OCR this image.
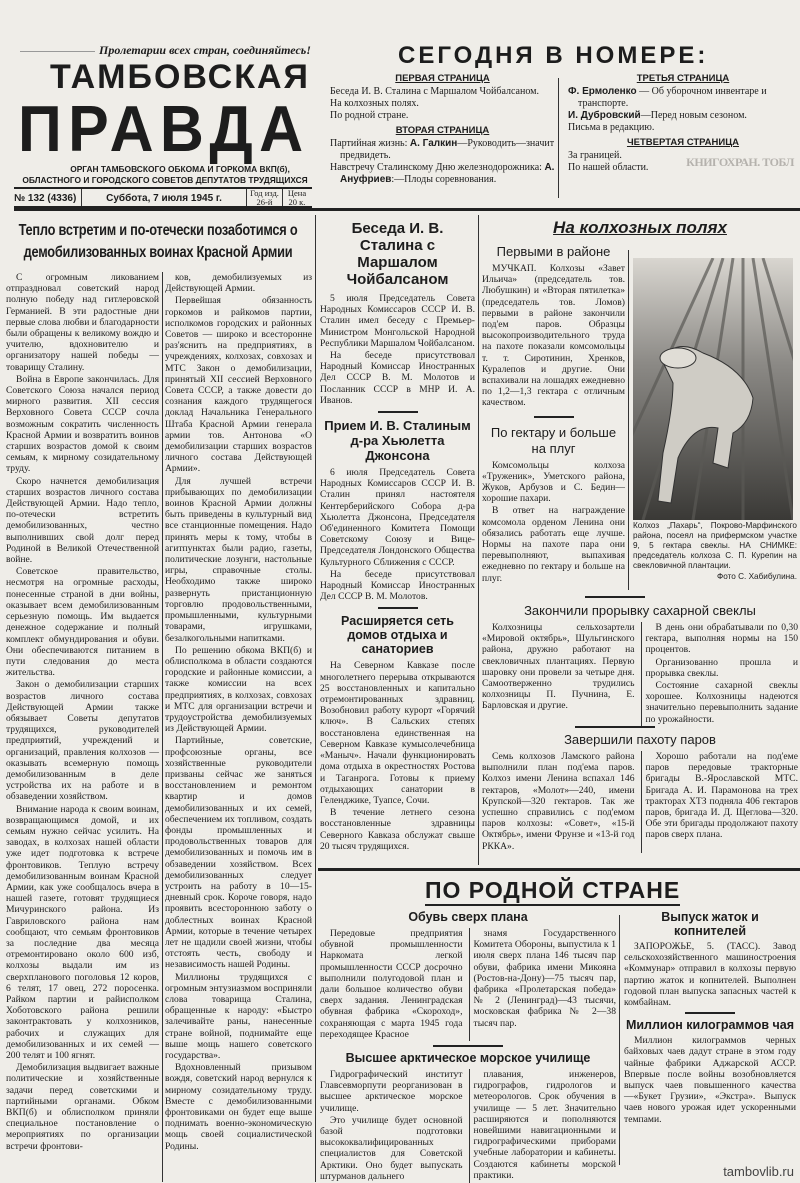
Пролетарии всех стран, соединяйтесь!
ТАМБОВСКАЯ
ПРАВДА
ОРГАН ТАМБОВСКОГО ОБКОМА И ГОРКОМА ВКП(б),
ОБЛАСТНОГО И ГОРОДСКОГО СОВЕТОВ ДЕПУТАТОВ ТРУДЯЩИХСЯ
№ 132 (4336)	Суббота, 7 июля 1945 г.	Год изд.
26-й
Цена
20 к.
СЕГОДНЯ В НОМЕРЕ:
ПЕРВАЯ СТРАНИЦА
Беседа И. В. Сталина с Маршалом Чойбалсаном.
На колхозных полях.
По родной стране.
ВТОРАЯ СТРАНИЦА
Партийная жизнь: А. Галкин—Руководить—значит предвидеть.
Навстречу Сталинскому Дню железнодорожника: А. Ануфриев:—Плоды соревнования.
ТРЕТЬЯ СТРАНИЦА
Ф. Ермоленко — Об уборочном инвентаре и транспорте.
И. Дубровский—Перед новым сезоном.
Письма в редакцию.
ЧЕТВЕРТАЯ СТРАНИЦА
За границей.
По нашей области.	КНИГОХРАН. ТОБЛ
Тепло встретим и по-отечески позаботимся о демобилизованных воинах Красной Армии

С огромным ликованием отпраздновал советский народ полную победу над гитлеровской Германией. В эти радостные дни первые слова любви и благодарности были обращены к великому вождю и учителю, вдохновителю и организатору нашей победы — товарищу Сталину.

Война в Европе закончилась. Для Советского Союза начался период мирного развития. XII сессия Верховного Совета СССР сочла возможным сократить численность Красной Армии и возвратить воинов старших возрастов домой к своим семьям, к мирному созидательному труду.

Скоро начнется демобилизация старших возрастов личного состава Действующей Армии. Надо тепло, по-отечески встретить демобилизованных, честно выполнивших свой долг перед Родиной в Великой Отечественной войне.

Советское правительство, несмотря на огромные расходы, понесенные страной в дни войны, оказывает всем демобилизованным серьезную помощь. Им выдается денежное содержание и полный комплект обмундирования и обуви. Они обеспечиваются питанием в пути следования до места жительства.

Закон о демобилизации старших возрастов личного состава Действующей Армии также обязывает Советы депутатов трудящихся, руководителей предприятий, учреждений и организаций, правления колхозов — оказывать всемерную помощь демобилизованным в деле устройства их на работе и в обзаведении хозяйством.

Внимание народа к своим воинам, возвращающимся домой, и их семьям нужно сейчас усилить. На заводах, в колхозах нашей области уже идет подготовка к встрече фронтовиков. Теплую встречу демобилизованным воинам Красной Армии, как уже сообщалось вчера в нашей газете, готовят трудящиеся Мичуринского района. Из Гавриловского района нам сообщают, что семьям фронтовиков за последние два месяца отремонтировано около 600 изб, колхозы выдали им из сверхпланового поголовья 12 коров, 6 телят, 17 овец, 272 поросенка. Райком партии и райисполком Хоботовского района решили законтрактовать у колхозников, рабочих и служащих для демобилизованных и их семей — 200 телят и 100 ягнят.

Демобилизация выдвигает важные политические и хозяйственные задачи перед советскими и партийными органами. Обком ВКП(б) и облисполком приняли специальное постановление о мероприятиях по организации встречи фронтови-

ков, демобилизуемых из Действующей Армии.

Первейшая обязанность горкомов и райкомов партии, исполкомов городских и районных Советов — широко и всесторонне раз'яснить на предприятиях, в учреждениях, колхозах, совхозах и МТС Закон о демобилизации, принятый XII сессией Верховного Совета СССР, а также довести до сознания каждого трудящегося доклад Начальника Генерального Штаба Красной Армии генерала армии тов. Антонова «О демобилизации старших возрастов личного состава Действующей Армии».

Для лучшей встречи прибывающих по демобилизации воинов Красной Армии должны быть приведены в культурный вид все станционные помещения. Надо принять меры к тому, чтобы в агитпунктах были радио, газеты, политические лозунги, настольные игры, справочные столы. Необходимо также широко развернуть пристанционную торговлю продовольственными, промышленными, культурными товарами, игрушками, безалкогольными напитками.

По решению обкома ВКП(б) и облисполкома в области создаются городские и районные комиссии, а также комиссии на всех предприятиях, в колхозах, совхозах и МТС для организации встречи и трудоустройства демобилизуемых из Действующей Армии.

Партийные, советские, профсоюзные органы, все хозяйственные руководители призваны сейчас же заняться восстановлением и ремонтом квартир и домов демобилизованных и их семей, обеспечением их топливом, создать фонды промышленных и продовольственных товаров для демобилизованных и помочь им в обзаведении хозяйством. Всех демобилизованных следует устроить на работу в 10—15-дневный срок. Короче говоря, надо проявить всестороннюю заботу о доблестных воинах Красной Армии, которые в течение четырех лет не щадили своей жизни, чтобы отстоять честь, свободу и независимость нашей Родины.

Миллионы трудящихся с огромным энтузиазмом восприняли слова товарища Сталина, обращенные к народу: «Быстро залечивайте раны, нанесенные стране войной, поднимайте еще выше мощь нашего советского государства».

Вдохновленный призывом вождя, советский народ вернулся к мирному созидательному труду. Вместе с демобилизованными фронтовиками он будет еще выше поднимать военно-экономическую мощь своей социалистической Родины.

Беседа И. В. Сталина с Маршалом Чойбалсаном

5 июля Председатель Совета Народных Комиссаров СССР И. В. Сталин имел беседу с Премьер-Министром Монгольской Народной Республики Маршалом Чойбалсаном.

На беседе присутствовал Народный Комиссар Иностранных Дел СССР В. М. Молотов и Посланник СССР в МНР И. А. Иванов.

Прием И. В. Сталиным д-ра Хьюлетта Джонсона

6 июля Председатель Совета Народных Комиссаров СССР И. В. Сталин принял настоятеля Кентерберийского Собора д-ра Хьюлетта Джонсона, Председателя Об'единенного Комитета Помощи Советскому Союзу и Вице-Председателя Лондонского Общества Культурного Сближения с СССР.

На беседе присутствовал Народный Комиссар Иностранных Дел СССР В. М. Молотов.

Расширяется сеть домов отдыха и санаториев

На Северном Кавказе после многолетнего перерыва открываются 25 восстановленных и капитально отремонтированных здравниц. Возобновил работу курорт «Горячий ключ». В Сальских степях восстановлена единственная на Северном Кавказе кумысолечебница «Маныч». Начали функционировать дома отдыха в окрестностях Ростова и Таганрога. Готовы к приему отдыхающих санатории в Геленджике, Туапсе, Сочи.

В течение летнего сезона восстановленные здравницы Северного Кавказа обслужат свыше 20 тысяч трудящихся.

На колхозных полях
Первыми в районе

МУЧКАП. Колхозы «Завет Ильича» (председатель тов. Любушкин) и «Вторая пятилетка» (председатель тов. Ломов) первыми в районе закончили под'ем паров. Образцы высокопроизводительного труда на пахоте показали комсомольцы т. т. Сиротинин, Хренков, Куралепов и другие. Они вспахивали на лошадях ежедневно по 1,2—1,3 гектара с отличным качеством.

По гектару и больше на плуг

Комсомольцы колхоза «Труженик», Уметского района, Жуков, Арбузов и С. Бедин—хорошие пахари.

В ответ на награждение комсомола орденом Ленина они обязались работать еще лучше. Нормы на пахоте пара они перевыполняют, выпахивая ежедневно по гектару и больше на плуг.

Колхоз „Пахарь“, Покрово-Марфинского района, посеял на прифермском участке 9, 5 гектара свеклы. НА СНИМКЕ: председатель колхоза С. П. Курепин на свекловичной плантации.
Фото С. Хабибулина.
Закончили прорывку сахарной свеклы

Колхозницы сельхозартели «Мировой октябрь», Шульгинского района, дружно работают на свекловичных плантациях. Первую шаровку они провели за четыре дня. Самоотверженно трудились колхозницы П. Пучнина, Е. Барловская и другие.

В день они обрабатывали по 0,30 гектара, выполняя нормы на 150 процентов.

Организованно прошла и прорывка свеклы.

Состояние сахарной свеклы хорошее. Колхозницы надеются значительно перевыполнить задание по урожайности.

Завершили пахоту паров

Семь колхозов Ламского района выполнили план под'ема паров. Колхоз имени Ленина вспахал 146 гектаров, «Молот»—240, имени Крупской—320 гектаров. Так же успешно справились с под'емом паров колхозы: «Совет», «15-й Октябрь», имени Фрунзе и «13-й год РККА».

Хорошо работали на под'еме паров передовые тракторные бригады В.-Ярославской МТС. Бригада А. И. Парамонова на трех тракторах ХТЗ подняла 406 гектаров паров, бригада И. Д. Щеглова—320. Обе эти бригады продолжают пахоту паров сверх плана.

ПО РОДНОЙ СТРАНЕ
Обувь сверх плана

Передовые предприятия обувной промышленности Наркомата легкой промышленности СССР досрочно выполнили полугодовой план и дали большое количество обуви сверх задания. Ленинградская обувная фабрика «Скороход», сохраняющая с марта 1945 года переходящее Красное

знамя Государственного Комитета Обороны, выпустила к 1 июля сверх плана 146 тысяч пар обуви, фабрика имени Микояна (Ростов-на-Дону)—75 тысяч пар, фабрика «Пролетарская победа» № 2 (Ленинград)—43 тысячи, московская фабрика № 2—38 тысяч пар.

Высшее арктическое морское училище

Гидрографический институт Главсевморпути реорганизован в высшее арктическое морское училище.

Это училище будет основной базой подготовки высококвалифицированных специалистов для Советской Арктики. Оно будет выпускать штурманов дальнего

плавания, инженеров, гидрографов, гидрологов и метеорологов. Срок обучения в училище — 5 лет. Значительно расширяются и пополняются новейшими навигационными и гидрографическими приборами учебные лаборатории и кабинеты. Создаются кабинеты морской практики.

Выпуск жаток и копнителей

ЗАПОРОЖЬЕ, 5. (ТАСС). Завод сельскохозяйственного машиностроения «Коммунар» отправил в колхозы первую партию жаток и копнителей. Выполнен годовой план выпуска запасных частей к комбайнам.

Миллион килограммов чая

Миллион килограммов черных байховых чаев дадут стране в этом году чайные фабрики Аджарской АССР. Впервые после войны возобновляется выпуск чаев повышенного качества—«Букет Грузии», «Экстра». Выпуск чаев нового урожая идет ускоренными темпами.

tambovlib.ru
